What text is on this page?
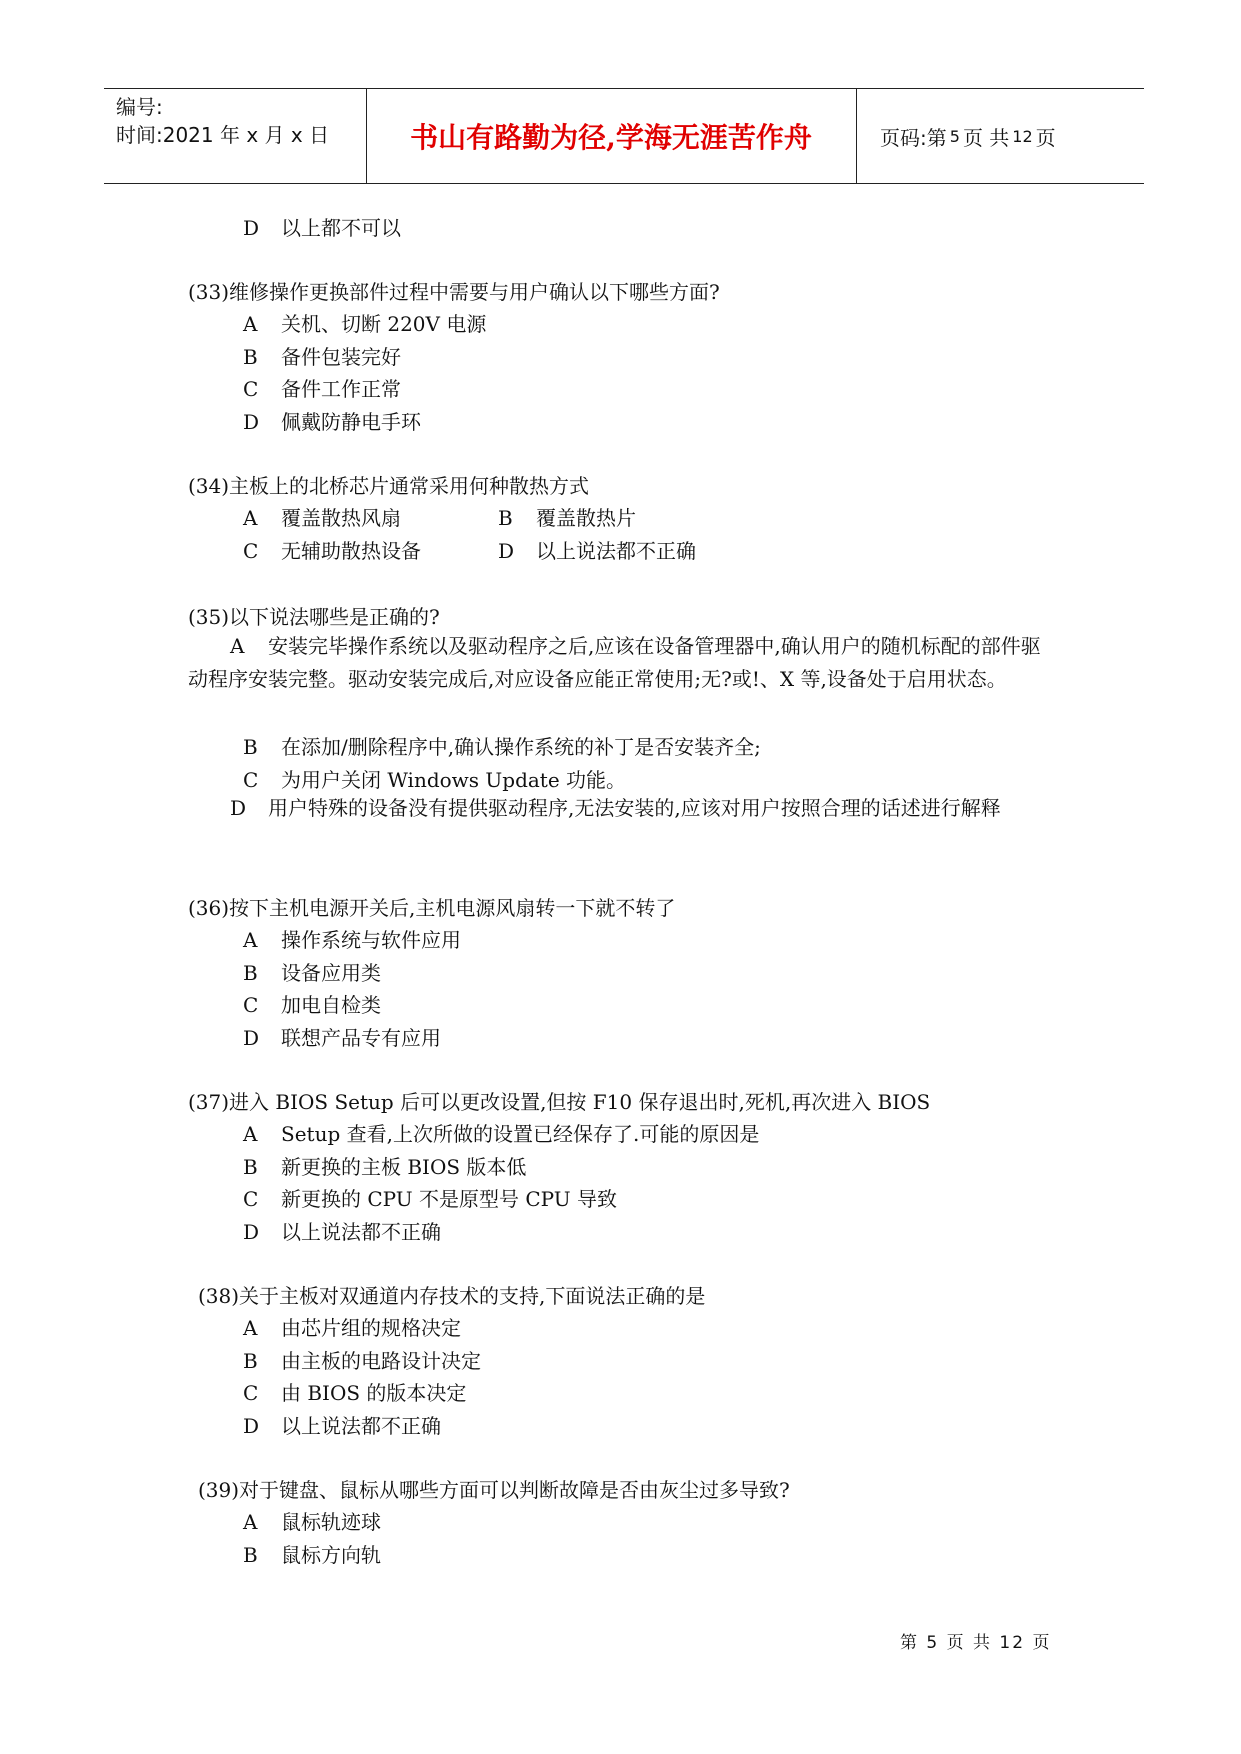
编号:
时间:2021 年 x 月 x 日	书山有路勤为径,学海无涯苦作舟	页码:第 5 页 共 12 页
D 以上都不可以
(33)维修操作更换部件过程中需要与用户确认以下哪些方面?
A 关机、切断 220V 电源
B 备件包装完好
C 备件工作正常
D 佩戴防静电手环
(34)主板上的北桥芯片通常采用何种散热方式
A 覆盖散热风扇	B 覆盖散热片
C 无辅助散热设备	D 以上说法都不正确
(35)以下说法哪些是正确的?
A 安装完毕操作系统以及驱动程序之后,应该在设备管理器中,确认用户的随机标配的部件驱动程序安装完整。驱动安装完成后,对应设备应能正常使用;无?或!、X 等,设备处于启用状态。
B 在添加/删除程序中,确认操作系统的补丁是否安装齐全;
C 为用户关闭 Windows Update 功能。
D 用户特殊的设备没有提供驱动程序,无法安装的,应该对用户按照合理的话述进行解释
(36)按下主机电源开关后,主机电源风扇转一下就不转了
A 操作系统与软件应用
B 设备应用类
C 加电自检类
D 联想产品专有应用
(37)进入 BIOS Setup 后可以更改设置,但按 F10 保存退出时,死机,再次进入 BIOS
A Setup 查看,上次所做的设置已经保存了.可能的原因是
B 新更换的主板 BIOS 版本低
C 新更换的 CPU 不是原型号 CPU 导致
D 以上说法都不正确
(38)关于主板对双通道内存技术的支持,下面说法正确的是
A 由芯片组的规格决定
B 由主板的电路设计决定
C 由 BIOS 的版本决定
D 以上说法都不正确
(39)对于键盘、鼠标从哪些方面可以判断故障是否由灰尘过多导致?
A 鼠标轨迹球
B 鼠标方向轨
第 5 页 共 12 页
